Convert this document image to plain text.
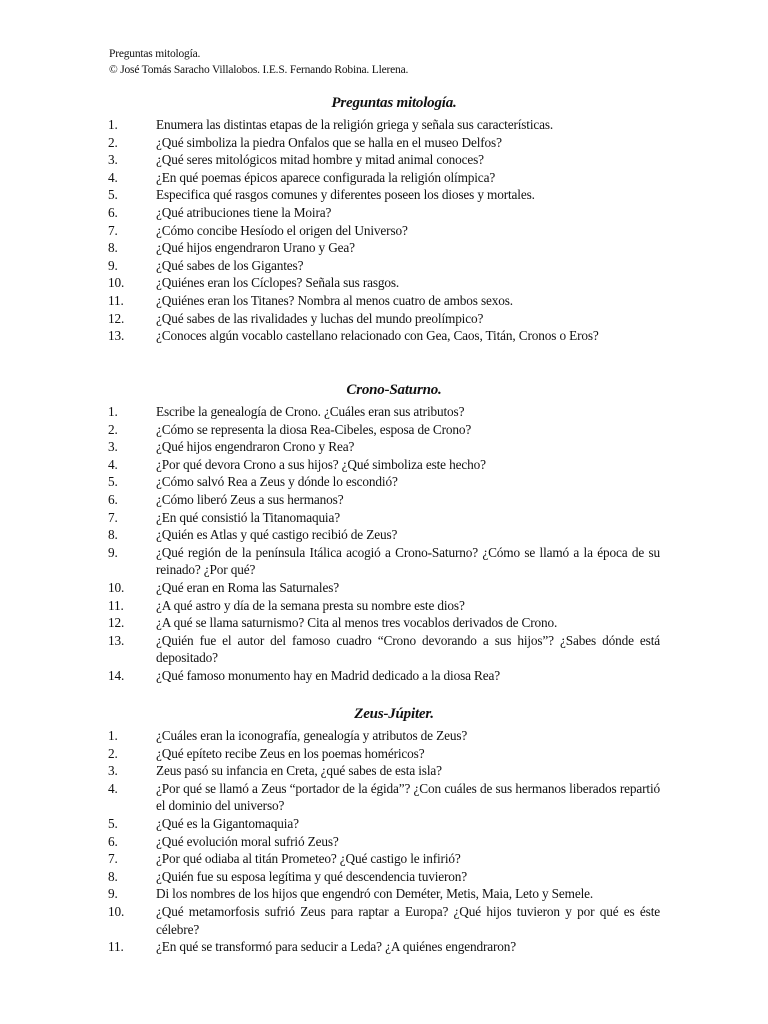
Preguntas mitología.
© José Tomás Saracho Villalobos. I.E.S. Fernando Robina. Llerena.
Preguntas mitología.
1.	Enumera las distintas etapas de la religión griega y señala sus características.
2.	¿Qué simboliza la piedra Onfalos que se halla en el museo Delfos?
3.	¿Qué seres mitológicos mitad hombre y mitad animal conoces?
4.	¿En qué poemas épicos aparece configurada la religión olímpica?
5.	Especifica qué rasgos comunes y diferentes poseen los dioses y mortales.
6.	¿Qué atribuciones tiene la Moira?
7.	¿Cómo concibe Hesíodo el origen del Universo?
8.	¿Qué hijos engendraron Urano y Gea?
9.	¿Qué sabes de los Gigantes?
10.	¿Quiénes eran los Cíclopes? Señala sus rasgos.
11.	¿Quiénes eran los Titanes? Nombra al menos cuatro de ambos sexos.
12.	¿Qué sabes de las rivalidades y luchas del mundo preolímpico?
13.	¿Conoces algún vocablo castellano relacionado con Gea, Caos, Titán, Cronos o Eros?
Crono-Saturno.
1.	Escribe la genealogía de Crono. ¿Cuáles eran sus atributos?
2.	¿Cómo se representa la diosa Rea-Cibeles, esposa de Crono?
3.	¿Qué hijos engendraron Crono y Rea?
4.	¿Por qué devora Crono a sus hijos? ¿Qué simboliza este hecho?
5.	¿Cómo salvó Rea a Zeus y dónde lo escondió?
6.	¿Cómo liberó Zeus a sus hermanos?
7.	¿En qué consistió la Titanomaquia?
8.	¿Quién es Atlas y qué castigo recibió de Zeus?
9.	¿Qué región de la península Itálica acogió a Crono-Saturno? ¿Cómo se llamó a la época de su reinado? ¿Por qué?
10.	¿Qué eran en Roma las Saturnales?
11.	¿A qué astro y día de la semana presta su nombre este dios?
12.	¿A qué se llama saturnismo? Cita al menos tres vocablos derivados de Crono.
13.	¿Quién fue el autor del famoso cuadro “Crono devorando a sus hijos”? ¿Sabes dónde está depositado?
14.	¿Qué famoso monumento hay en Madrid dedicado a la diosa Rea?
Zeus-Júpiter.
1.	¿Cuáles eran la iconografía, genealogía y atributos de Zeus?
2.	¿Qué epíteto recibe Zeus en los poemas homéricos?
3.	Zeus pasó su infancia en Creta, ¿qué sabes de esta isla?
4.	¿Por qué se llamó a Zeus “portador de la égida”? ¿Con cuáles de sus hermanos liberados repartió el dominio del universo?
5.	¿Qué es la Gigantomaquia?
6.	¿Qué evolución moral sufrió Zeus?
7.	¿Por qué odiaba al titán Prometeo? ¿Qué castigo le infirió?
8.	¿Quién fue su esposa legítima y qué descendencia tuvieron?
9.	Di los nombres de los hijos que engendró con Deméter, Metis, Maia, Leto y Semele.
10.	¿Qué metamorfosis sufrió Zeus para raptar a Europa? ¿Qué hijos tuvieron y por qué es éste célebre?
11.	¿En qué se transformó para seducir a Leda? ¿A quiénes engendraron?
